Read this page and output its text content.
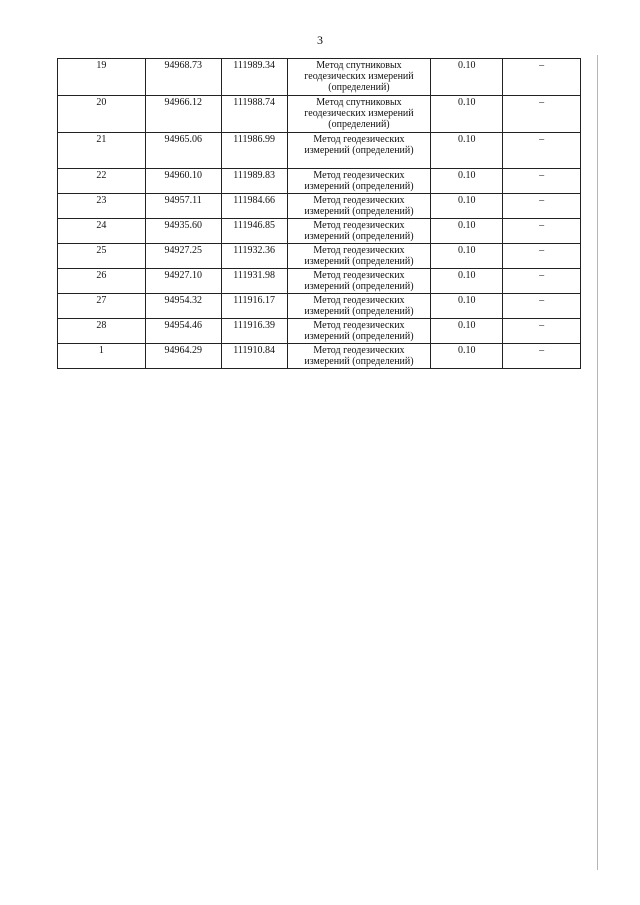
3
19	94968.73	111989.34	Метод спутниковых геодезических измерений (определений)	0.10	–
20	94966.12	111988.74	Метод спутниковых геодезических измерений (определений)	0.10	–
21	94965.06	111986.99	Метод геодезических измерений (определений)	0.10	–
22	94960.10	111989.83	Метод геодезических измерений (определений)	0.10	–
23	94957.11	111984.66	Метод геодезических измерений (определений)	0.10	–
24	94935.60	111946.85	Метод геодезических измерений (определений)	0.10	–
25	94927.25	111932.36	Метод геодезических измерений (определений)	0.10	–
26	94927.10	111931.98	Метод геодезических измерений (определений)	0.10	–
27	94954.32	111916.17	Метод геодезических измерений (определений)	0.10	–
28	94954.46	111916.39	Метод геодезических измерений (определений)	0.10	–
1	94964.29	111910.84	Метод геодезических измерений (определений)	0.10	–
